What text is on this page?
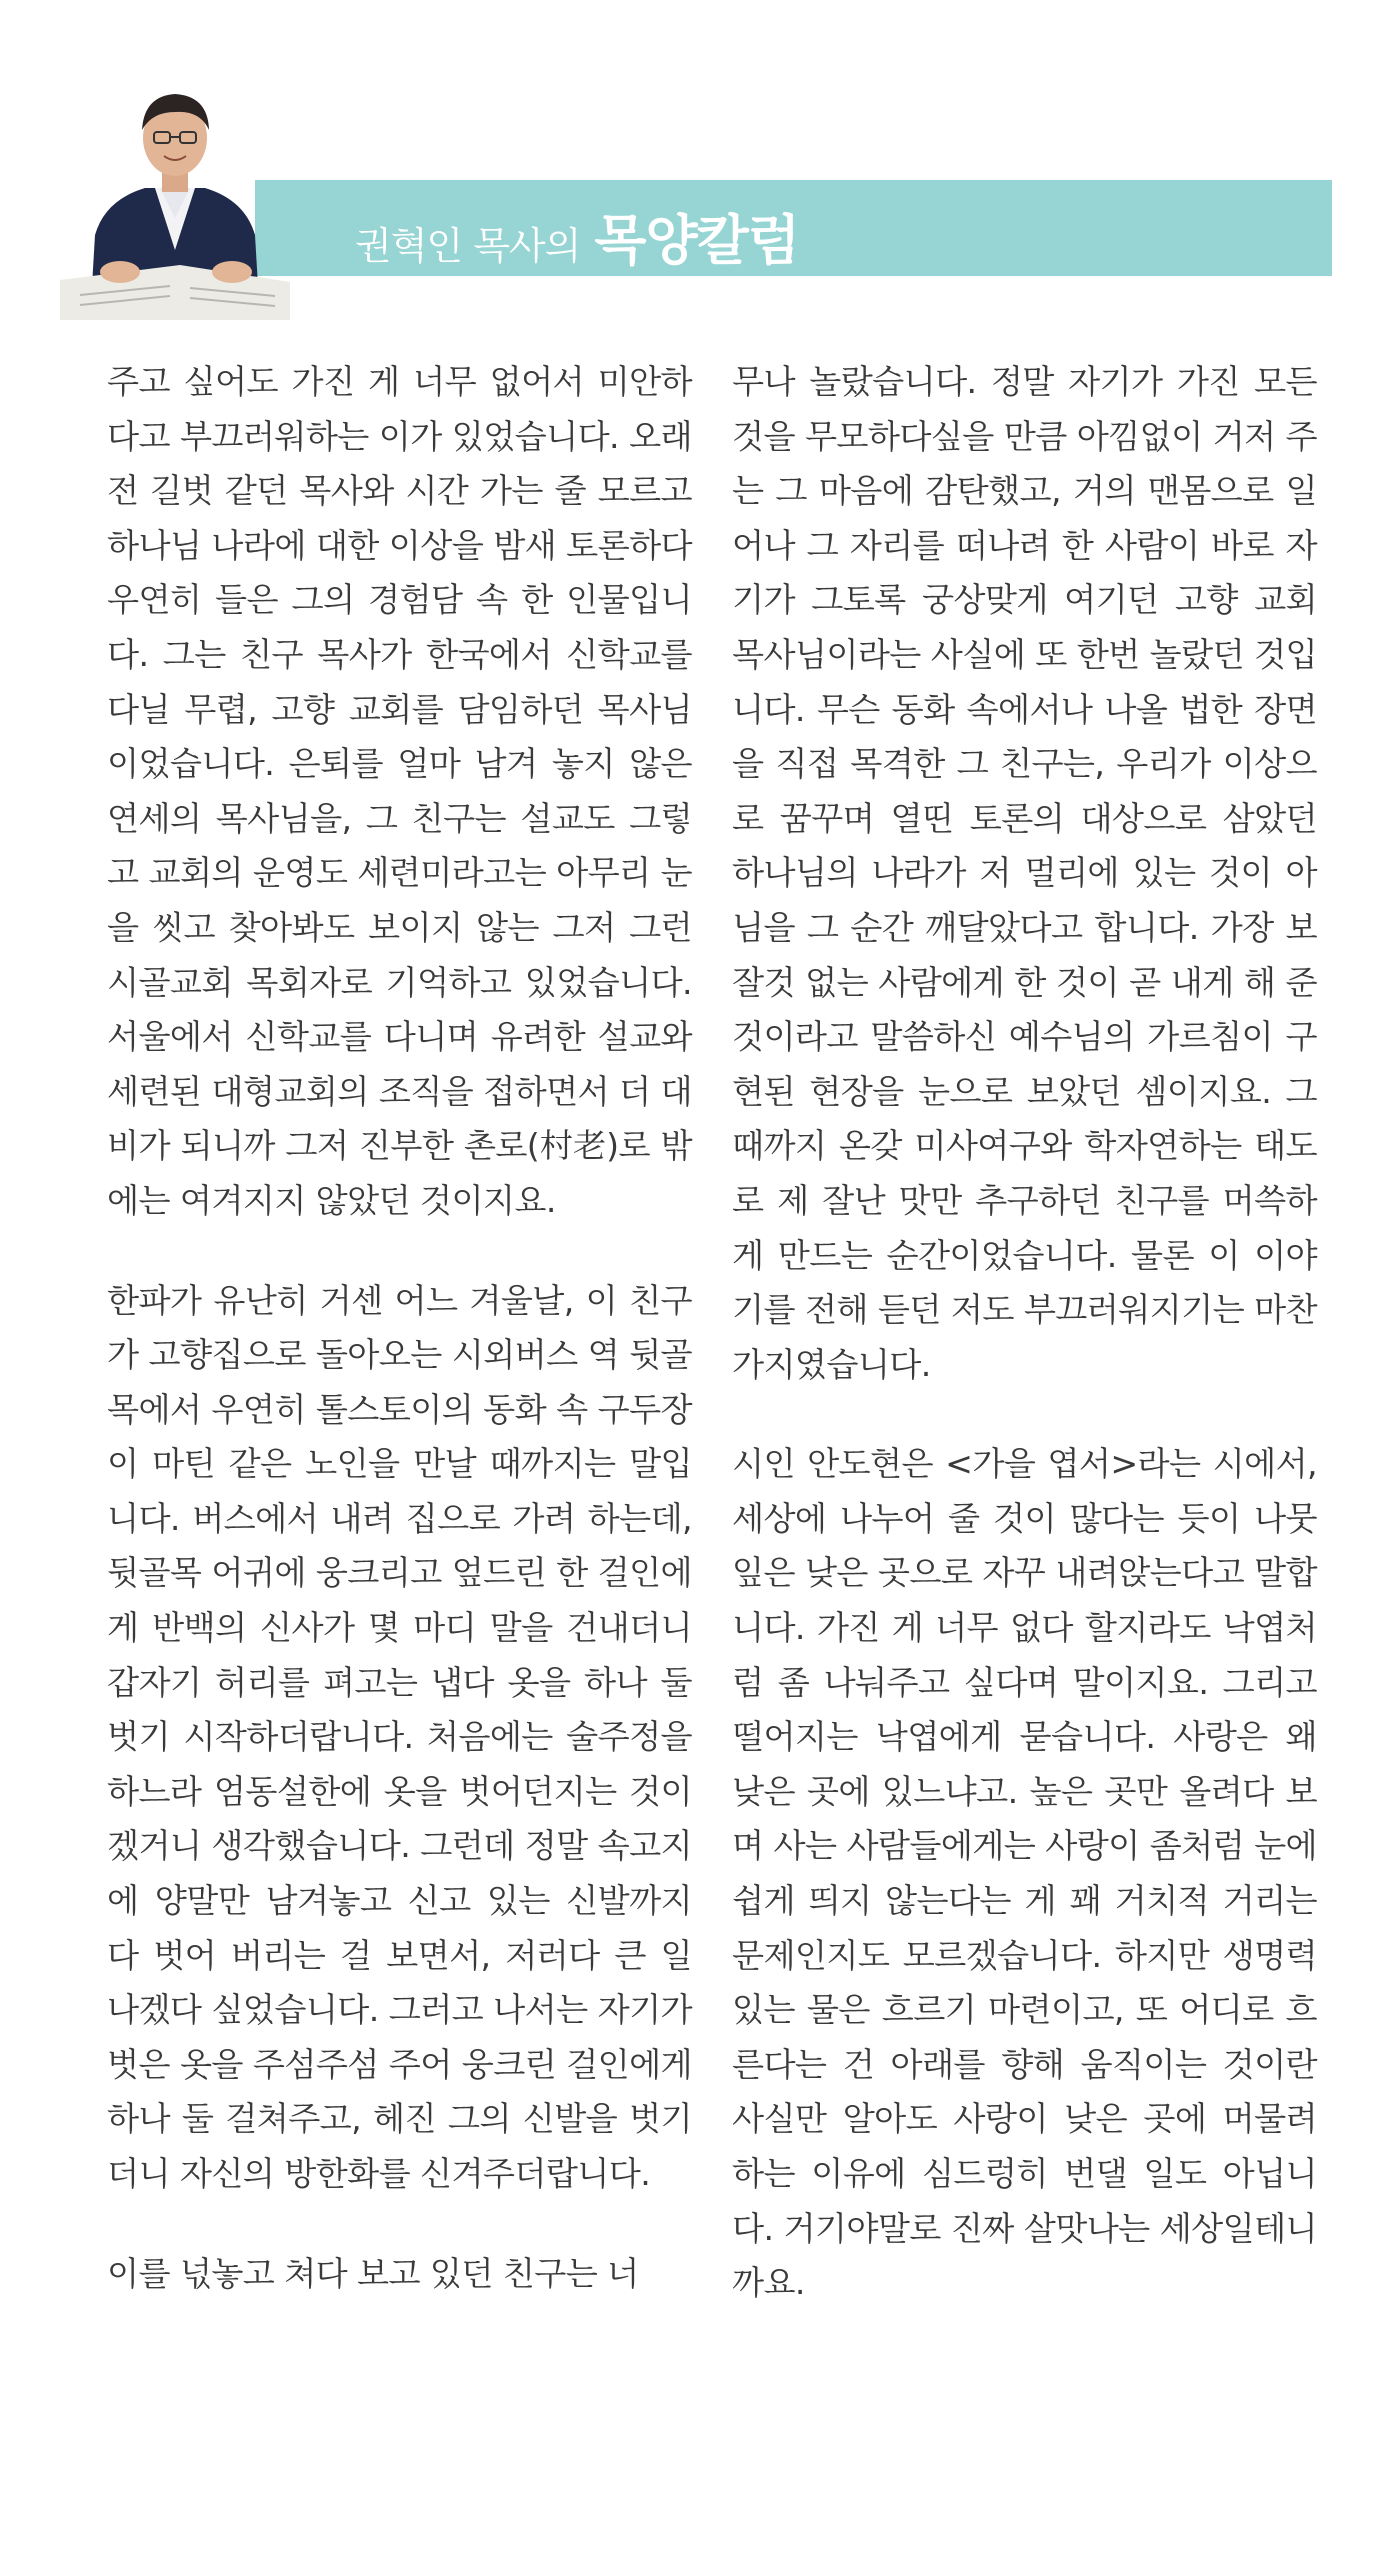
권혁인 목사의 목양칼럼

주고 싶어도 가진 게 너무 없어서 미안하다고 부끄러워하는 이가 있었습니다. 오래 전 길벗 같던 목사와 시간 가는 줄 모르고 하나님 나라에 대한 이상을 밤새 토론하다 우연히 들은 그의 경험담 속 한 인물입니다. 그는 친구 목사가 한국에서 신학교를 다닐 무렵, 고향 교회를 담임하던 목사님이었습니다. 은퇴를 얼마 남겨 놓지 않은 연세의 목사님을, 그 친구는 설교도 그렇고 교회의 운영도 세련미라고는 아무리 눈을 씻고 찾아봐도 보이지 않는 그저 그런 시골교회 목회자로 기억하고 있었습니다. 서울에서 신학교를 다니며 유려한 설교와 세련된 대형교회의 조직을 접하면서 더 대비가 되니까 그저 진부한 촌로(村老)로 밖에는 여겨지지 않았던 것이지요.

한파가 유난히 거센 어느 겨울날, 이 친구가 고향집으로 돌아오는 시외버스 역 뒷골목에서 우연히 톨스토이의 동화 속 구두장이 마틴 같은 노인을 만날 때까지는 말입니다. 버스에서 내려 집으로 가려 하는데, 뒷골목 어귀에 웅크리고 엎드린 한 걸인에게 반백의 신사가 몇 마디 말을 건내더니 갑자기 허리를 펴고는 냅다 옷을 하나 둘 벗기 시작하더랍니다. 처음에는 술주정을 하느라 엄동설한에 옷을 벗어던지는 것이겠거니 생각했습니다. 그런데 정말 속고지에 양말만 남겨놓고 신고 있는 신발까지 다 벗어 버리는 걸 보면서, 저러다 큰 일 나겠다 싶었습니다. 그러고 나서는 자기가 벗은 옷을 주섬주섬 주어 웅크린 걸인에게 하나 둘 걸쳐주고, 헤진 그의 신발을 벗기더니 자신의 방한화를 신겨주더랍니다.

이를 넋놓고 쳐다 보고 있던 친구는 너

무나 놀랐습니다. 정말 자기가 가진 모든 것을 무모하다싶을 만큼 아낌없이 거저 주는 그 마음에 감탄했고, 거의 맨몸으로 일어나 그 자리를 떠나려 한 사람이 바로 자기가 그토록 궁상맞게 여기던 고향 교회 목사님이라는 사실에 또 한번 놀랐던 것입니다. 무슨 동화 속에서나 나올 법한 장면을 직접 목격한 그 친구는, 우리가 이상으로 꿈꾸며 열띤 토론의 대상으로 삼았던 하나님의 나라가 저 멀리에 있는 것이 아님을 그 순간 깨달았다고 합니다. 가장 보잘것 없는 사람에게 한 것이 곧 내게 해 준 것이라고 말씀하신 예수님의 가르침이 구현된 현장을 눈으로 보았던 셈이지요. 그때까지 온갖 미사여구와 학자연하는 태도로 제 잘난 맛만 추구하던 친구를 머쓱하게 만드는 순간이었습니다. 물론 이 이야기를 전해 듣던 저도 부끄러워지기는 마찬가지였습니다.

시인 안도현은 <가을 엽서>라는 시에서, 세상에 나누어 줄 것이 많다는 듯이 나뭇잎은 낮은 곳으로 자꾸 내려앉는다고 말합니다. 가진 게 너무 없다 할지라도 낙엽처럼 좀 나눠주고 싶다며 말이지요. 그리고 떨어지는 낙엽에게 묻습니다. 사랑은 왜 낮은 곳에 있느냐고. 높은 곳만 올려다 보며 사는 사람들에게는 사랑이 좀처럼 눈에 쉽게 띄지 않는다는 게 꽤 거치적 거리는 문제인지도 모르겠습니다. 하지만 생명력 있는 물은 흐르기 마련이고, 또 어디로 흐른다는 건 아래를 향해 움직이는 것이란 사실만 알아도 사랑이 낮은 곳에 머물려 하는 이유에 심드렁히 번댈 일도 아닙니다. 거기야말로 진짜 살맛나는 세상일테니까요.
